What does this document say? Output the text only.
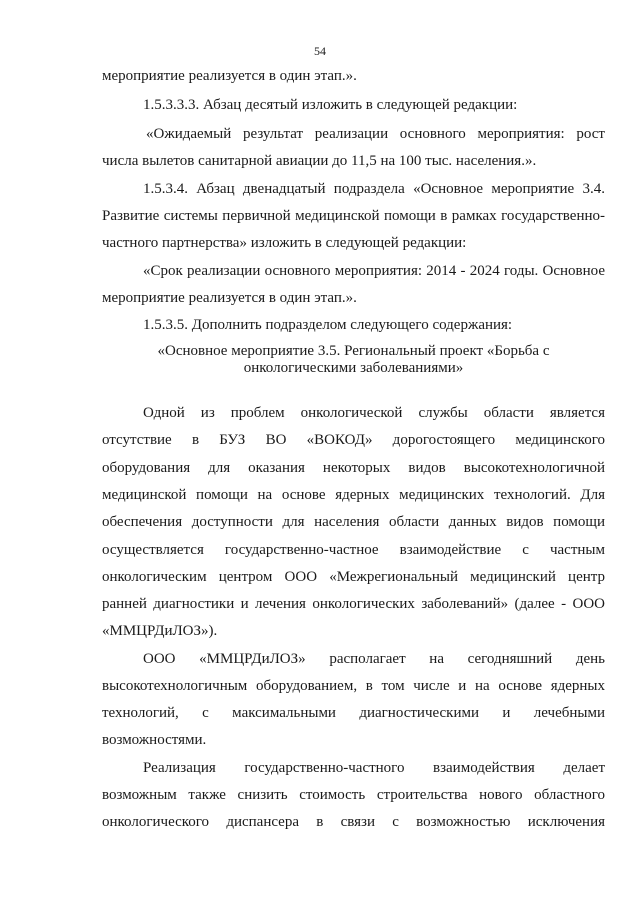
54
мероприятие реализуется в один этап.».
1.5.3.3.3. Абзац десятый изложить в следующей редакции:
«Ожидаемый результат реализации основного мероприятия: рост
числа вылетов санитарной авиации до 11,5 на 100 тыс. населения.».
1.5.3.4. Абзац двенадцатый подраздела «Основное мероприятие 3.4.
Развитие системы первичной медицинской помощи в рамках государственно-
частного партнерства» изложить в следующей редакции:
«Срок реализации основного мероприятия: 2014 - 2024 годы. Основное
мероприятие реализуется в один этап.».
1.5.3.5. Дополнить подразделом следующего содержания:
«Основное мероприятие 3.5. Региональный проект «Борьба с
онкологическими заболеваниями»
Одной из проблем онкологической службы области является
отсутствие в БУЗ ВО «ВОКОД» дорогостоящего медицинского
оборудования для оказания некоторых видов высокотехнологичной
медицинской помощи на основе ядерных медицинских технологий. Для
обеспечения доступности для населения области данных видов помощи
осуществляется государственно-частное взаимодействие с частным
онкологическим центром ООО «Межрегиональный медицинский центр
ранней диагностики и лечения онкологических заболеваний» (далее - ООО
«ММЦРДиЛОЗ»).
ООО «ММЦРДиЛОЗ» располагает на сегодняшний день
высокотехнологичным оборудованием, в том числе и на основе ядерных
технологий, с максимальными диагностическими и лечебными
возможностями.
Реализация государственно-частного взаимодействия делает
возможным также снизить стоимость строительства нового областного
онкологического диспансера в связи с возможностью исключения
